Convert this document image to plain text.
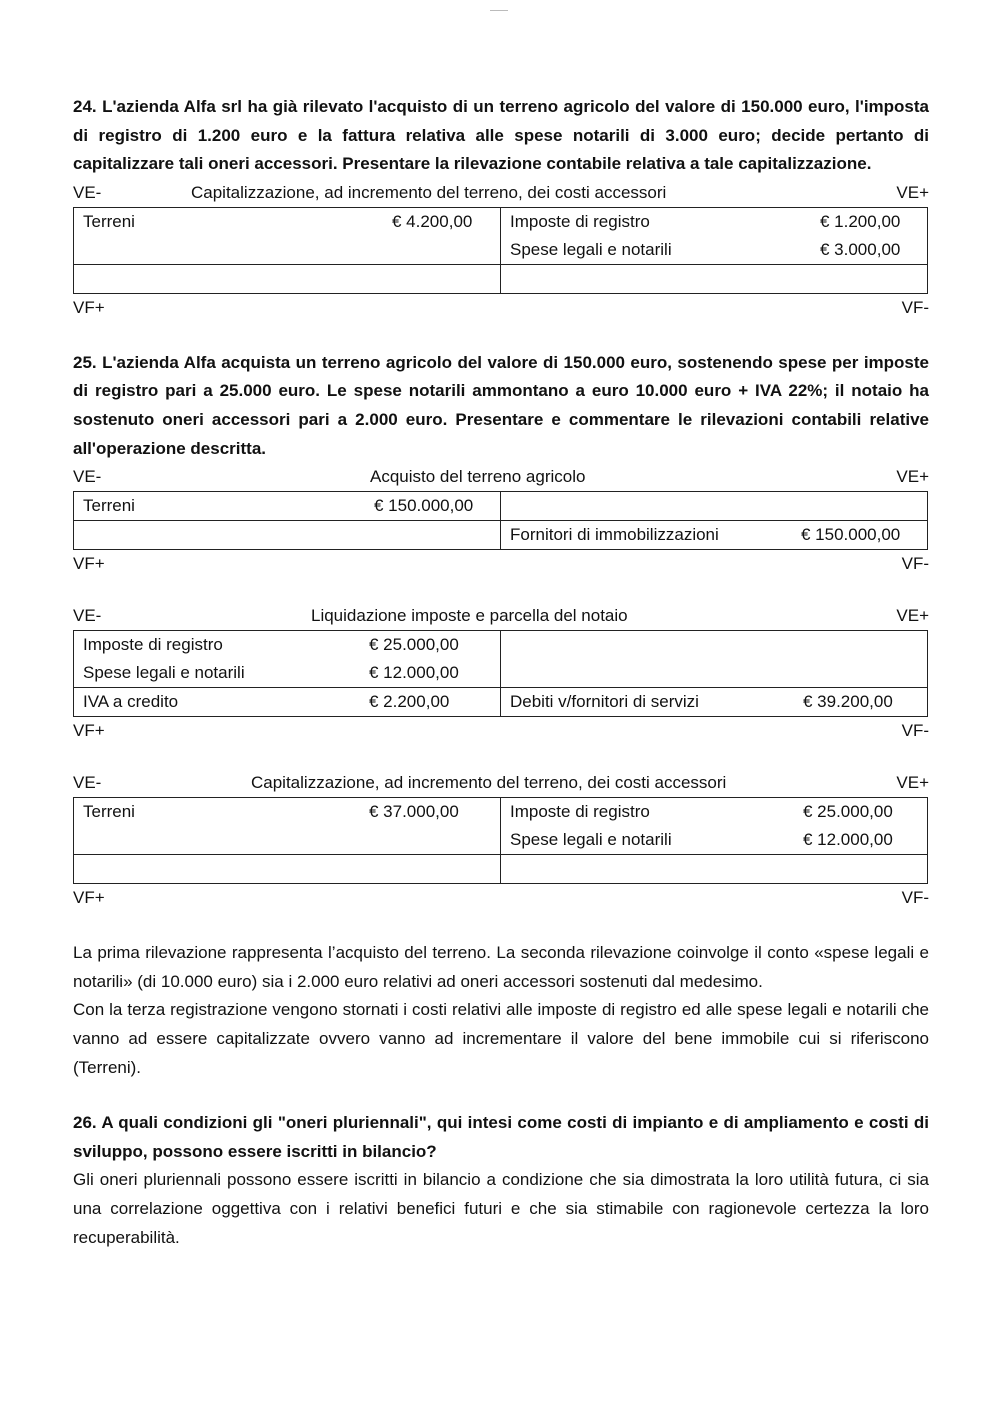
24. L'azienda Alfa srl ha già rilevato l'acquisto di un terreno agricolo del valore di 150.000 euro, l'imposta di registro di 1.200 euro e la fattura relativa alle spese notarili di 3.000 euro; decide pertanto di capitalizzare tali oneri accessori. Presentare la rilevazione contabile relativa a tale capitalizzazione.
VE-	Capitalizzazione, ad incremento del terreno, dei costi accessori	VE+
Terreni € 4.200,00	Imposte di registro € 1.200,00

	Spese legali e notarili € 3.000,00

VF+	VF-
25. L'azienda Alfa acquista un terreno agricolo del valore di 150.000 euro, sostenendo spese per imposte di registro pari a 25.000 euro. Le spese notarili ammontano a euro 10.000 euro + IVA 22%; il notaio ha sostenuto oneri accessori pari a 2.000 euro. Presentare e commentare le rilevazioni contabili relative all'operazione descritta.
VE-	Acquisto del terreno agricolo	VE+
Terreni € 150.000,00	

	Fornitori di immobilizzazioni € 150.000,00
VF+	VF-
VE-	Liquidazione imposte e parcella del notaio	VE+
Imposte di registro € 25.000,00	

Spese legali e notarili € 12.000,00	

IVA a credito € 2.200,00	Debiti v/fornitori di servizi € 39.200,00
VF+	VF-
VE-	Capitalizzazione, ad incremento del terreno, dei costi accessori	VE+
Terreni € 37.000,00	Imposte di registro € 25.000,00

	Spese legali e notarili € 12.000,00

VF+	VF-
La prima rilevazione rappresenta l’acquisto del terreno. La seconda rilevazione coinvolge il conto «spese legali e notarili» (di 10.000 euro) sia i 2.000 euro relativi ad oneri accessori sostenuti dal medesimo.
Con la terza registrazione vengono stornati i costi relativi alle imposte di registro ed alle spese legali e notarili che vanno ad essere capitalizzate ovvero vanno ad incrementare il valore del bene immobile cui si riferiscono (Terreni).
26. A quali condizioni gli "oneri pluriennali", qui intesi come costi di impianto e di ampliamento e costi di sviluppo, possono essere iscritti in bilancio?
Gli oneri pluriennali possono essere iscritti in bilancio a condizione che sia dimostrata la loro utilità futura, ci sia una correlazione oggettiva con i relativi benefici futuri e che sia stimabile con ragionevole certezza la loro recuperabilità.
